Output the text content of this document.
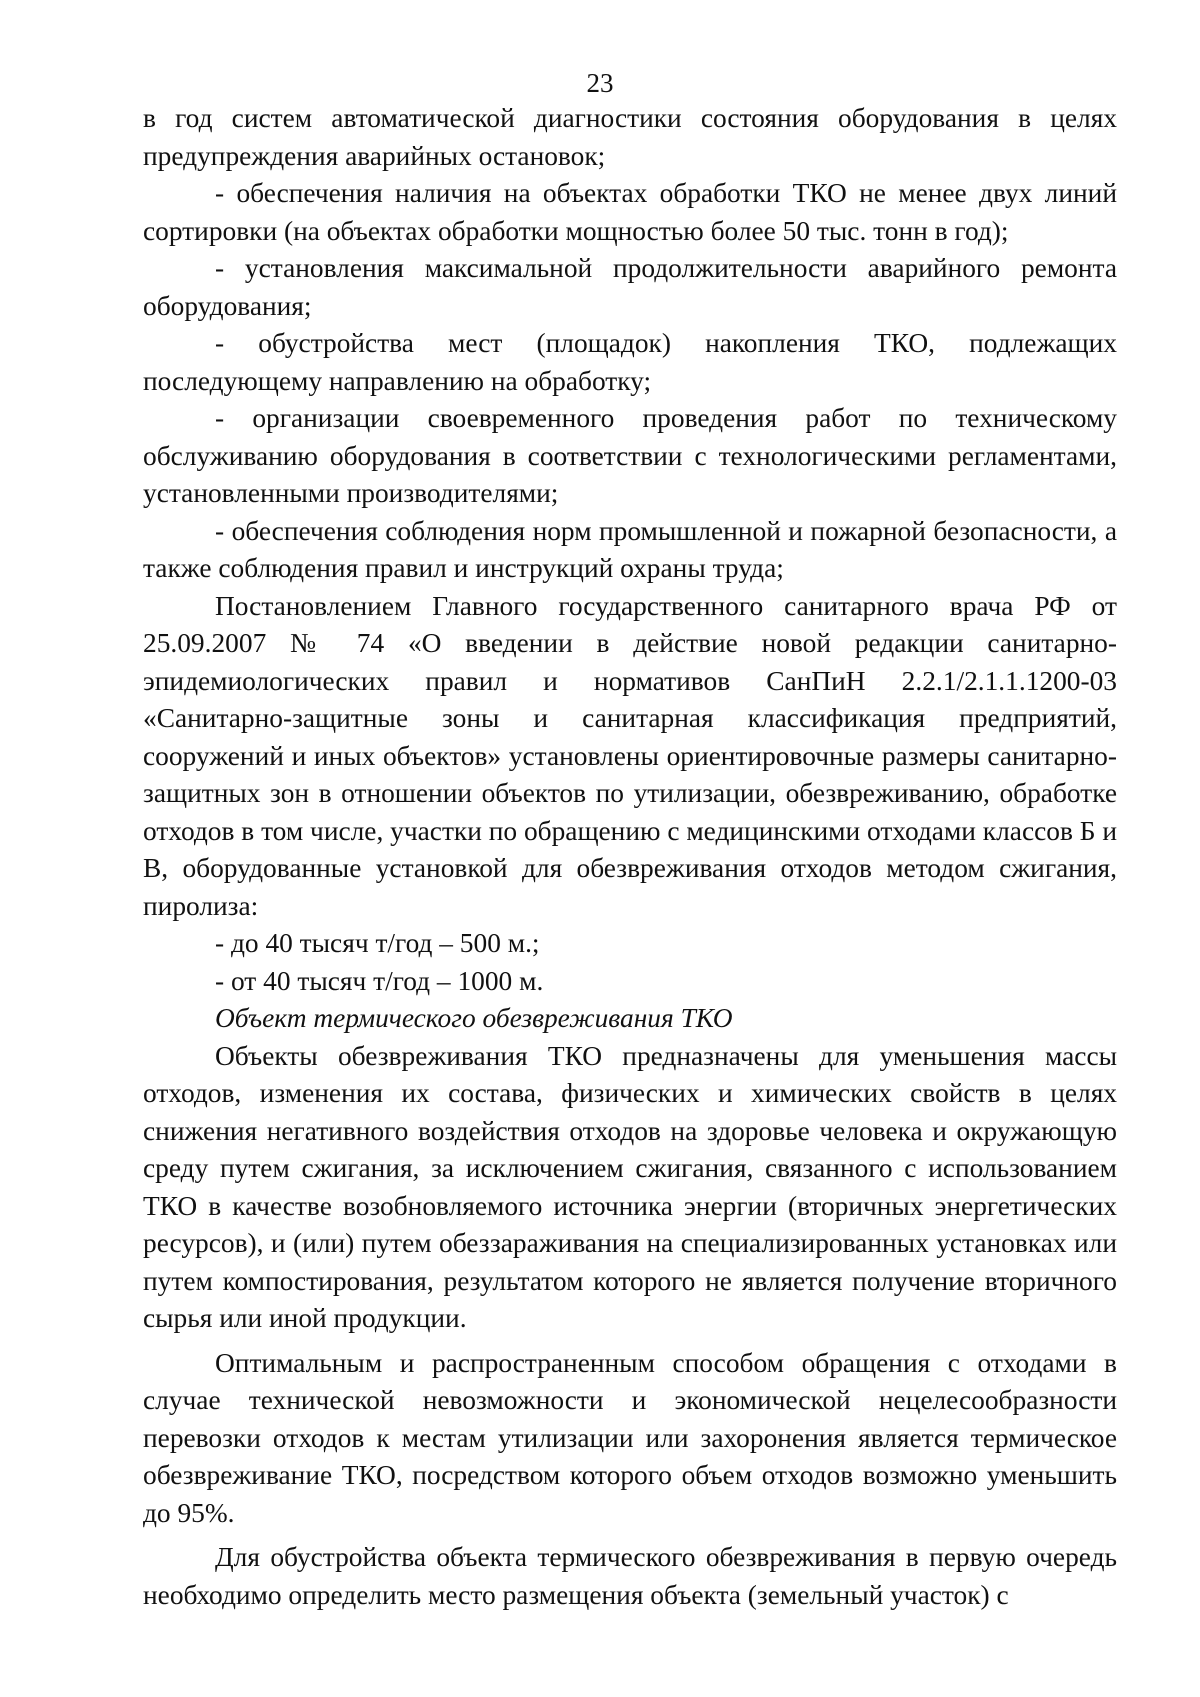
23

в год систем автоматической диагностики состояния оборудования в целях предупреждения аварийных остановок;

- обеспечения наличия на объектах обработки ТКО не менее двух линий сортировки (на объектах обработки мощностью более 50 тыс. тонн в год);

- установления максимальной продолжительности аварийного ремонта оборудования;

- обустройства мест (площадок) накопления ТКО, подлежащих последующему направлению на обработку;

- организации своевременного проведения работ по техническому обслуживанию оборудования в соответствии с технологическими регламентами, установленными производителями;

- обеспечения соблюдения норм промышленной и пожарной безопасности, а также соблюдения правил и инструкций охраны труда;

Постановлением Главного государственного санитарного врача РФ от 25.09.2007 № 74 «О введении в действие новой редакции санитарно-эпидемиологических правил и нормативов СанПиН 2.2.1/2.1.1.1200-03 «Санитарно-защитные зоны и санитарная классификация предприятий, сооружений и иных объектов» установлены ориентировочные размеры санитарно-защитных зон в отношении объектов по утилизации, обезвреживанию, обработке отходов в том числе, участки по обращению с медицинскими отходами классов Б и В, оборудованные установкой для обезвреживания отходов методом сжигания, пиролиза:

- до 40 тысяч т/год – 500 м.;

- от 40 тысяч т/год – 1000 м.

Объект термического обезвреживания ТКО

Объекты обезвреживания ТКО предназначены для уменьшения массы отходов, изменения их состава, физических и химических свойств в целях снижения негативного воздействия отходов на здоровье человека и окружающую среду путем сжигания, за исключением сжигания, связанного с использованием ТКО в качестве возобновляемого источника энергии (вторичных энергетических ресурсов), и (или) путем обеззараживания на специализированных установках или путем компостирования, результатом которого не является получение вторичного сырья или иной продукции.

Оптимальным и распространенным способом обращения с отходами в случае технической невозможности и экономической нецелесообразности перевозки отходов к местам утилизации или захоронения является термическое обезвреживание ТКО, посредством которого объем отходов возможно уменьшить до 95%.

Для обустройства объекта термического обезвреживания в первую очередь необходимо определить место размещения объекта (земельный участок) с
